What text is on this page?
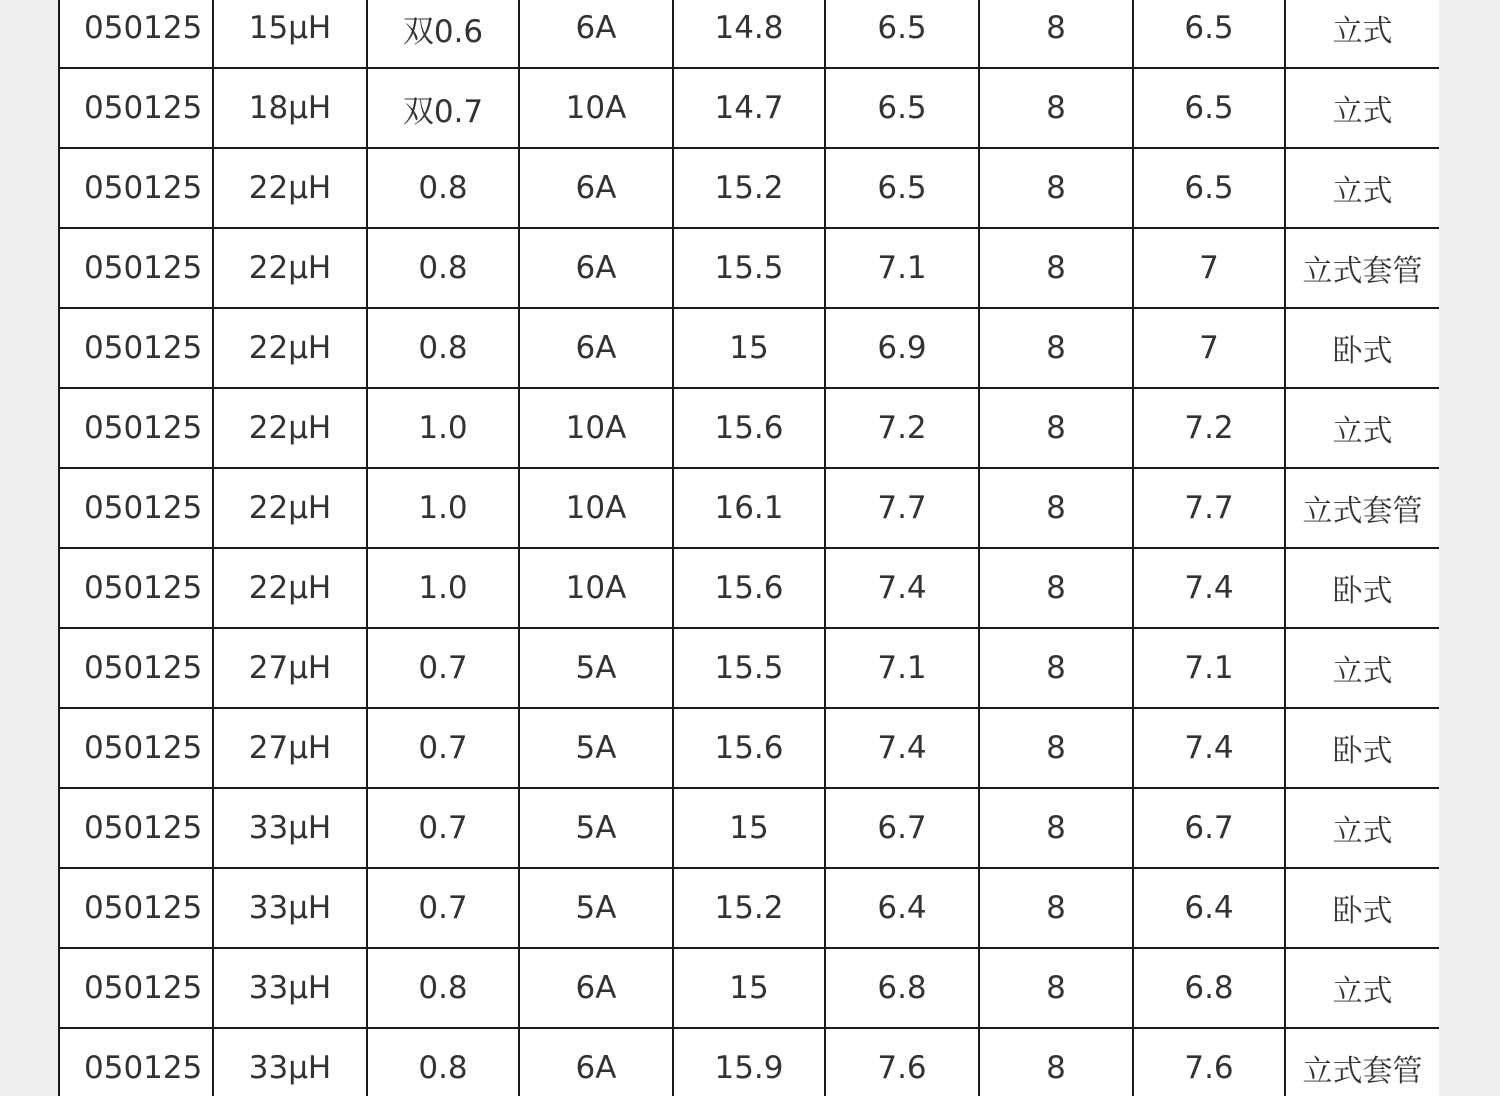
050125	15μH	双0.6	6A	14.8	6.5	8	6.5	立式
050125	18μH	双0.7	10A	14.7	6.5	8	6.5	立式
050125	22μH	0.8	6A	15.2	6.5	8	6.5	立式
050125	22μH	0.8	6A	15.5	7.1	8	7	立式套管
050125	22μH	0.8	6A	15	6.9	8	7	卧式
050125	22μH	1.0	10A	15.6	7.2	8	7.2	立式
050125	22μH	1.0	10A	16.1	7.7	8	7.7	立式套管
050125	22μH	1.0	10A	15.6	7.4	8	7.4	卧式
050125	27μH	0.7	5A	15.5	7.1	8	7.1	立式
050125	27μH	0.7	5A	15.6	7.4	8	7.4	卧式
050125	33μH	0.7	5A	15	6.7	8	6.7	立式
050125	33μH	0.7	5A	15.2	6.4	8	6.4	卧式
050125	33μH	0.8	6A	15	6.8	8	6.8	立式
050125	33μH	0.8	6A	15.9	7.6	8	7.6	立式套管
